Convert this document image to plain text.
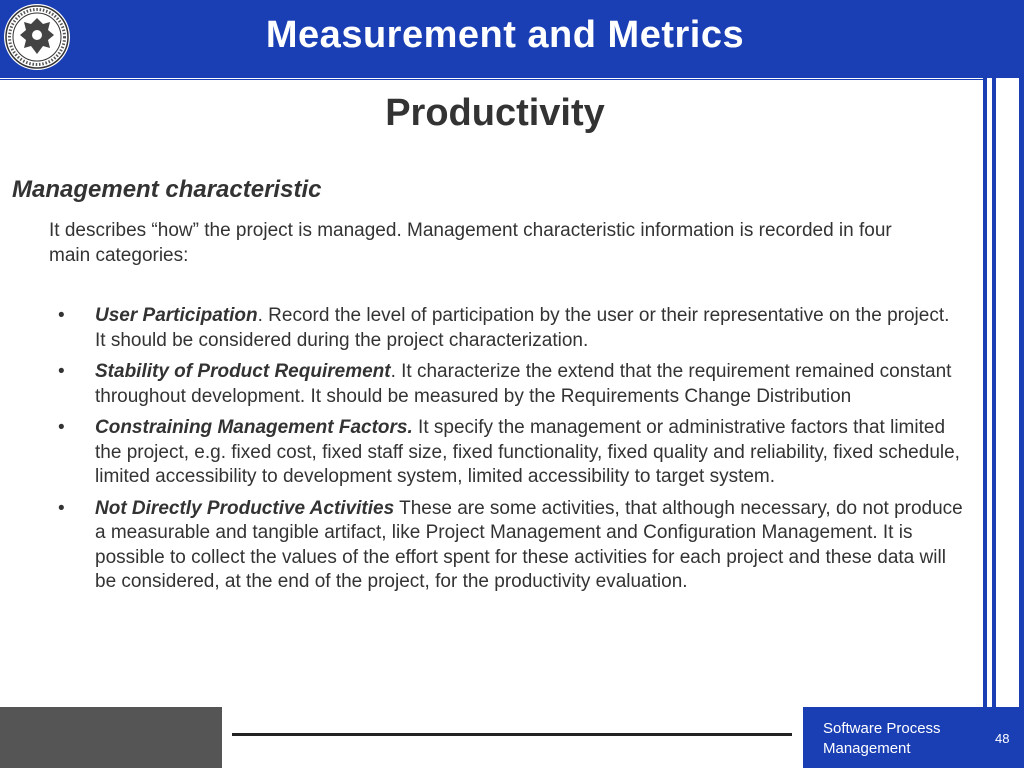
Measurement and Metrics
Productivity
Management characteristic
It describes “how” the project is managed. Management characteristic information is recorded in four main categories:
• User Participation. Record the level of participation by the user or their representative on the project. It should be considered during the project characterization.
• Stability of Product Requirement. It characterize the extend that the requirement remained constant throughout development. It should be measured by the Requirements Change Distribution
• Constraining Management Factors. It specify the management or administrative factors that limited the project, e.g. fixed cost, fixed staff size, fixed functionality, fixed quality and reliability, fixed schedule, limited accessibility to development system, limited accessibility to target system.
• Not Directly Productive Activities These are some activities, that although necessary, do not produce a measurable and tangible artifact, like Project Management and Configuration Management. It is possible to collect the values of the effort spent for these activities for each project and these data will be considered, at the end of the project, for the productivity evaluation.
Software Process
Management
48
